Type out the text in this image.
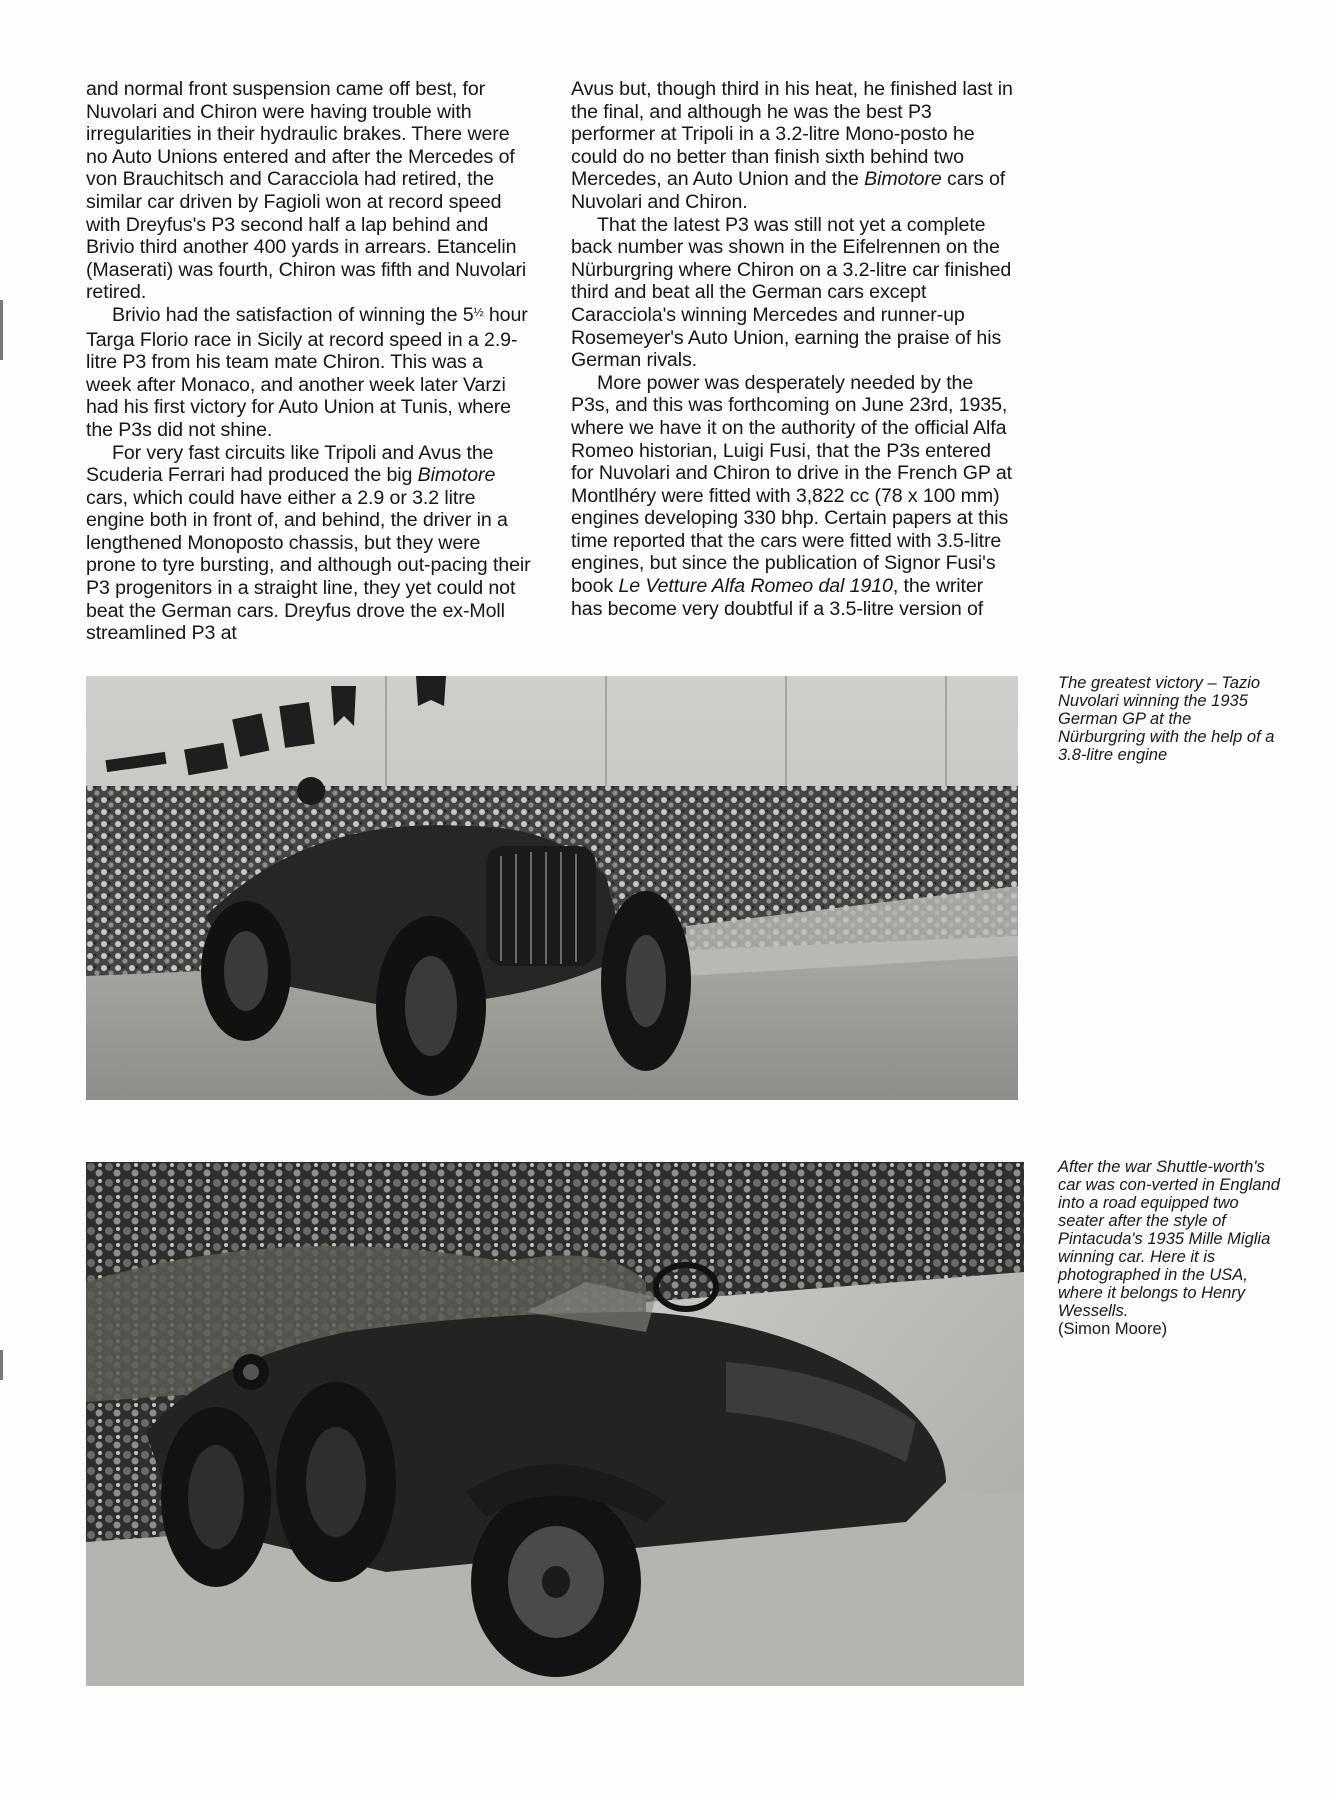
and normal front suspension came off best, for Nuvolari and Chiron were having trouble with irregularities in their hydraulic brakes. There were no Auto Unions entered and after the Mercedes of von Brauchitsch and Caracciola had retired, the similar car driven by Fagioli won at record speed with Dreyfus's P3 second half a lap behind and Brivio third another 400 yards in arrears. Etancelin (Maserati) was fourth, Chiron was fifth and Nuvolari retired.

Brivio had the satisfaction of winning the $5^{\frac{1}{2}}$ hour Targa Florio race in Sicily at record speed in a 2.9-litre P3 from his team mate Chiron. This was a week after Monaco, and another week later Varzi had his first victory for Auto Union at Tunis, where the P3s did not shine.

For very fast circuits like Tripoli and Avus the Scuderia Ferrari had produced the big Bimotore cars, which could have either a 2.9 or 3.2 litre engine both in front of, and behind, the driver in a lengthened Monoposto chassis, but they were prone to tyre bursting, and although out-pacing their P3 progenitors in a straight line, they yet could not beat the German cars. Dreyfus drove the ex-Moll streamlined P3 at

Avus but, though third in his heat, he finished last in the final, and although he was the best P3 performer at Tripoli in a 3.2-litre Mono-posto he could do no better than finish sixth behind two Mercedes, an Auto Union and the Bimotore cars of Nuvolari and Chiron.

That the latest P3 was still not yet a complete back number was shown in the Eifelrennen on the Nürburgring where Chiron on a 3.2-litre car finished third and beat all the German cars except Caracciola's winning Mercedes and runner-up Rosemeyer's Auto Union, earning the praise of his German rivals.

More power was desperately needed by the P3s, and this was forthcoming on June 23rd, 1935, where we have it on the authority of the official Alfa Romeo historian, Luigi Fusi, that the P3s entered for Nuvolari and Chiron to drive in the French GP at Montlhéry were fitted with 3,822 cc (78 x 100 mm) engines developing 330 bhp. Certain papers at this time reported that the cars were fitted with 3.5-litre engines, but since the publication of Signor Fusi's book Le Vetture Alfa Romeo dal 1910, the writer has become very doubtful if a 3.5-litre version of

The greatest victory – Tazio Nuvolari winning the 1935 German GP at the Nürburgring with the help of a 3.8-litre engine
After the war Shuttle-worth's car was con-verted in England into a road equipped two seater after the style of Pintacuda's 1935 Mille Miglia winning car. Here it is photographed in the USA, where it belongs to Henry Wessells.
(Simon Moore)
